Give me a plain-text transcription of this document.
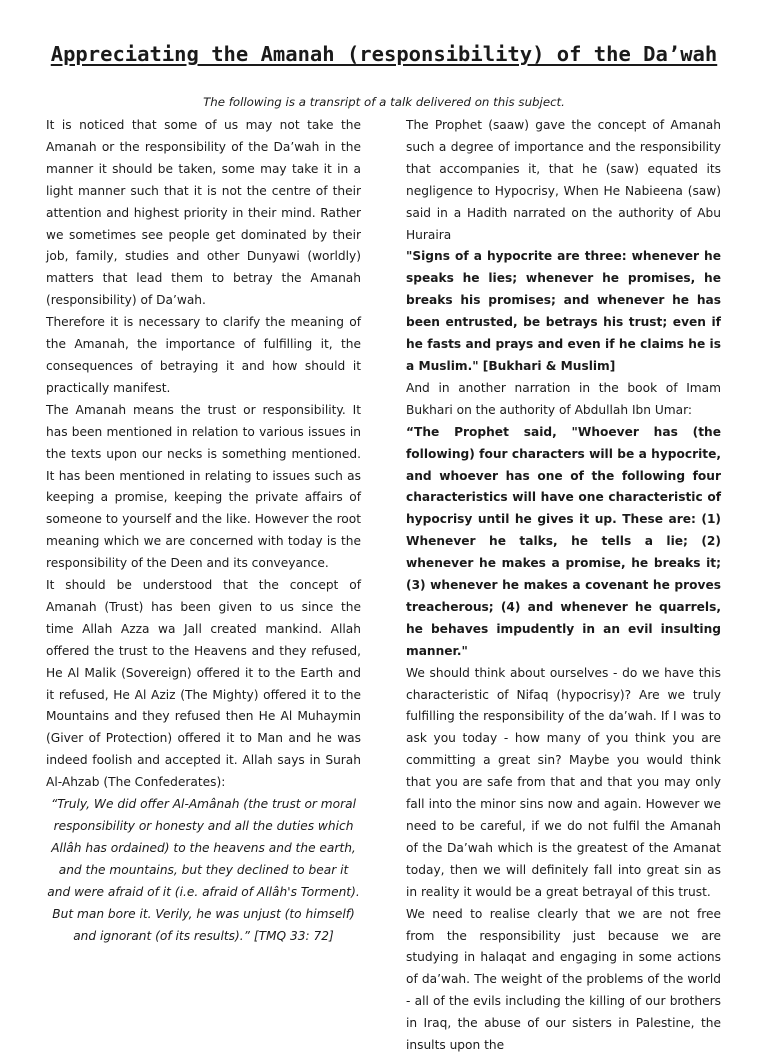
Appreciating the Amanah (responsibility) of the Da’wah

The following is a transript of a talk delivered on this subject.

It is noticed that some of us may not take the Amanah or the responsibility of the Da’wah in the manner it should be taken, some may take it in a light manner such that it is not the centre of their attention and highest priority in their mind. Rather we sometimes see people get dominated by their job, family, studies and other Dunyawi (worldly) matters that lead them to betray the Amanah (responsibility) of Da’wah.

Therefore it is necessary to clarify the meaning of the Amanah, the importance of fulfilling it, the consequences of betraying it and how should it practically manifest.

The Amanah means the trust or responsibility. It has been mentioned in relation to various issues in the texts upon our necks is something mentioned. It has been mentioned in relating to issues such as keeping a promise, keeping the private affairs of someone to yourself and the like. However the root meaning which we are concerned with today is the responsibility of the Deen and its conveyance.

It should be understood that the concept of Amanah (Trust) has been given to us since the time Allah Azza wa Jall created mankind. Allah offered the trust to the Heavens and they refused, He Al Malik (Sovereign) offered it to the Earth and it refused, He Al Aziz (The Mighty) offered it to the Mountains and they refused then He Al Muhaymin (Giver of Protection) offered it to Man and he was indeed foolish and accepted it. Allah says in Surah Al-Ahzab (The Confederates):

“Truly, We did offer Al-Amânah (the trust or moral responsibility or honesty and all the duties which Allâh has ordained) to the heavens and the earth, and the mountains, but they declined to bear it and were afraid of it (i.e. afraid of Allâh's Torment). But man bore it. Verily, he was unjust (to himself) and ignorant (of its results).” [TMQ 33: 72]

The Prophet (saaw) gave the concept of Amanah such a degree of importance and the responsibility that accompanies it, that he (saw) equated its negligence to Hypocrisy, When He Nabieena (saw) said in a Hadith narrated on the authority of Abu Huraira

"Signs of a hypocrite are three: whenever he speaks he lies; whenever he promises, he breaks his promises; and whenever he has been entrusted, be betrays his trust; even if he fasts and prays and even if he claims he is a Muslim." [Bukhari & Muslim]

And in another narration in the book of Imam Bukhari on the authority of Abdullah Ibn Umar:

“The Prophet said, "Whoever has (the following) four characters will be a hypocrite, and whoever has one of the following four characteristics will have one characteristic of hypocrisy until he gives it up. These are: (1) Whenever he talks, he tells a lie; (2) whenever he makes a promise, he breaks it; (3) whenever he makes a covenant he proves treacherous; (4) and whenever he quarrels, he behaves impudently in an evil insulting manner."

We should think about ourselves - do we have this characteristic of Nifaq (hypocrisy)? Are we truly fulfilling the responsibility of the da’wah. If I was to ask you today - how many of you think you are committing a great sin? Maybe you would think that you are safe from that and that you may only fall into the minor sins now and again. However we need to be careful, if we do not fulfil the Amanah of the Da’wah which is the greatest of the Amanat today, then we will definitely fall into great sin as in reality it would be a great betrayal of this trust.

We need to realise clearly that we are not free from the responsibility just because we are studying in halaqat and engaging in some actions of da’wah. The weight of the problems of the world - all of the evils including the killing of our brothers in Iraq, the abuse of our sisters in Palestine, the insults upon the
